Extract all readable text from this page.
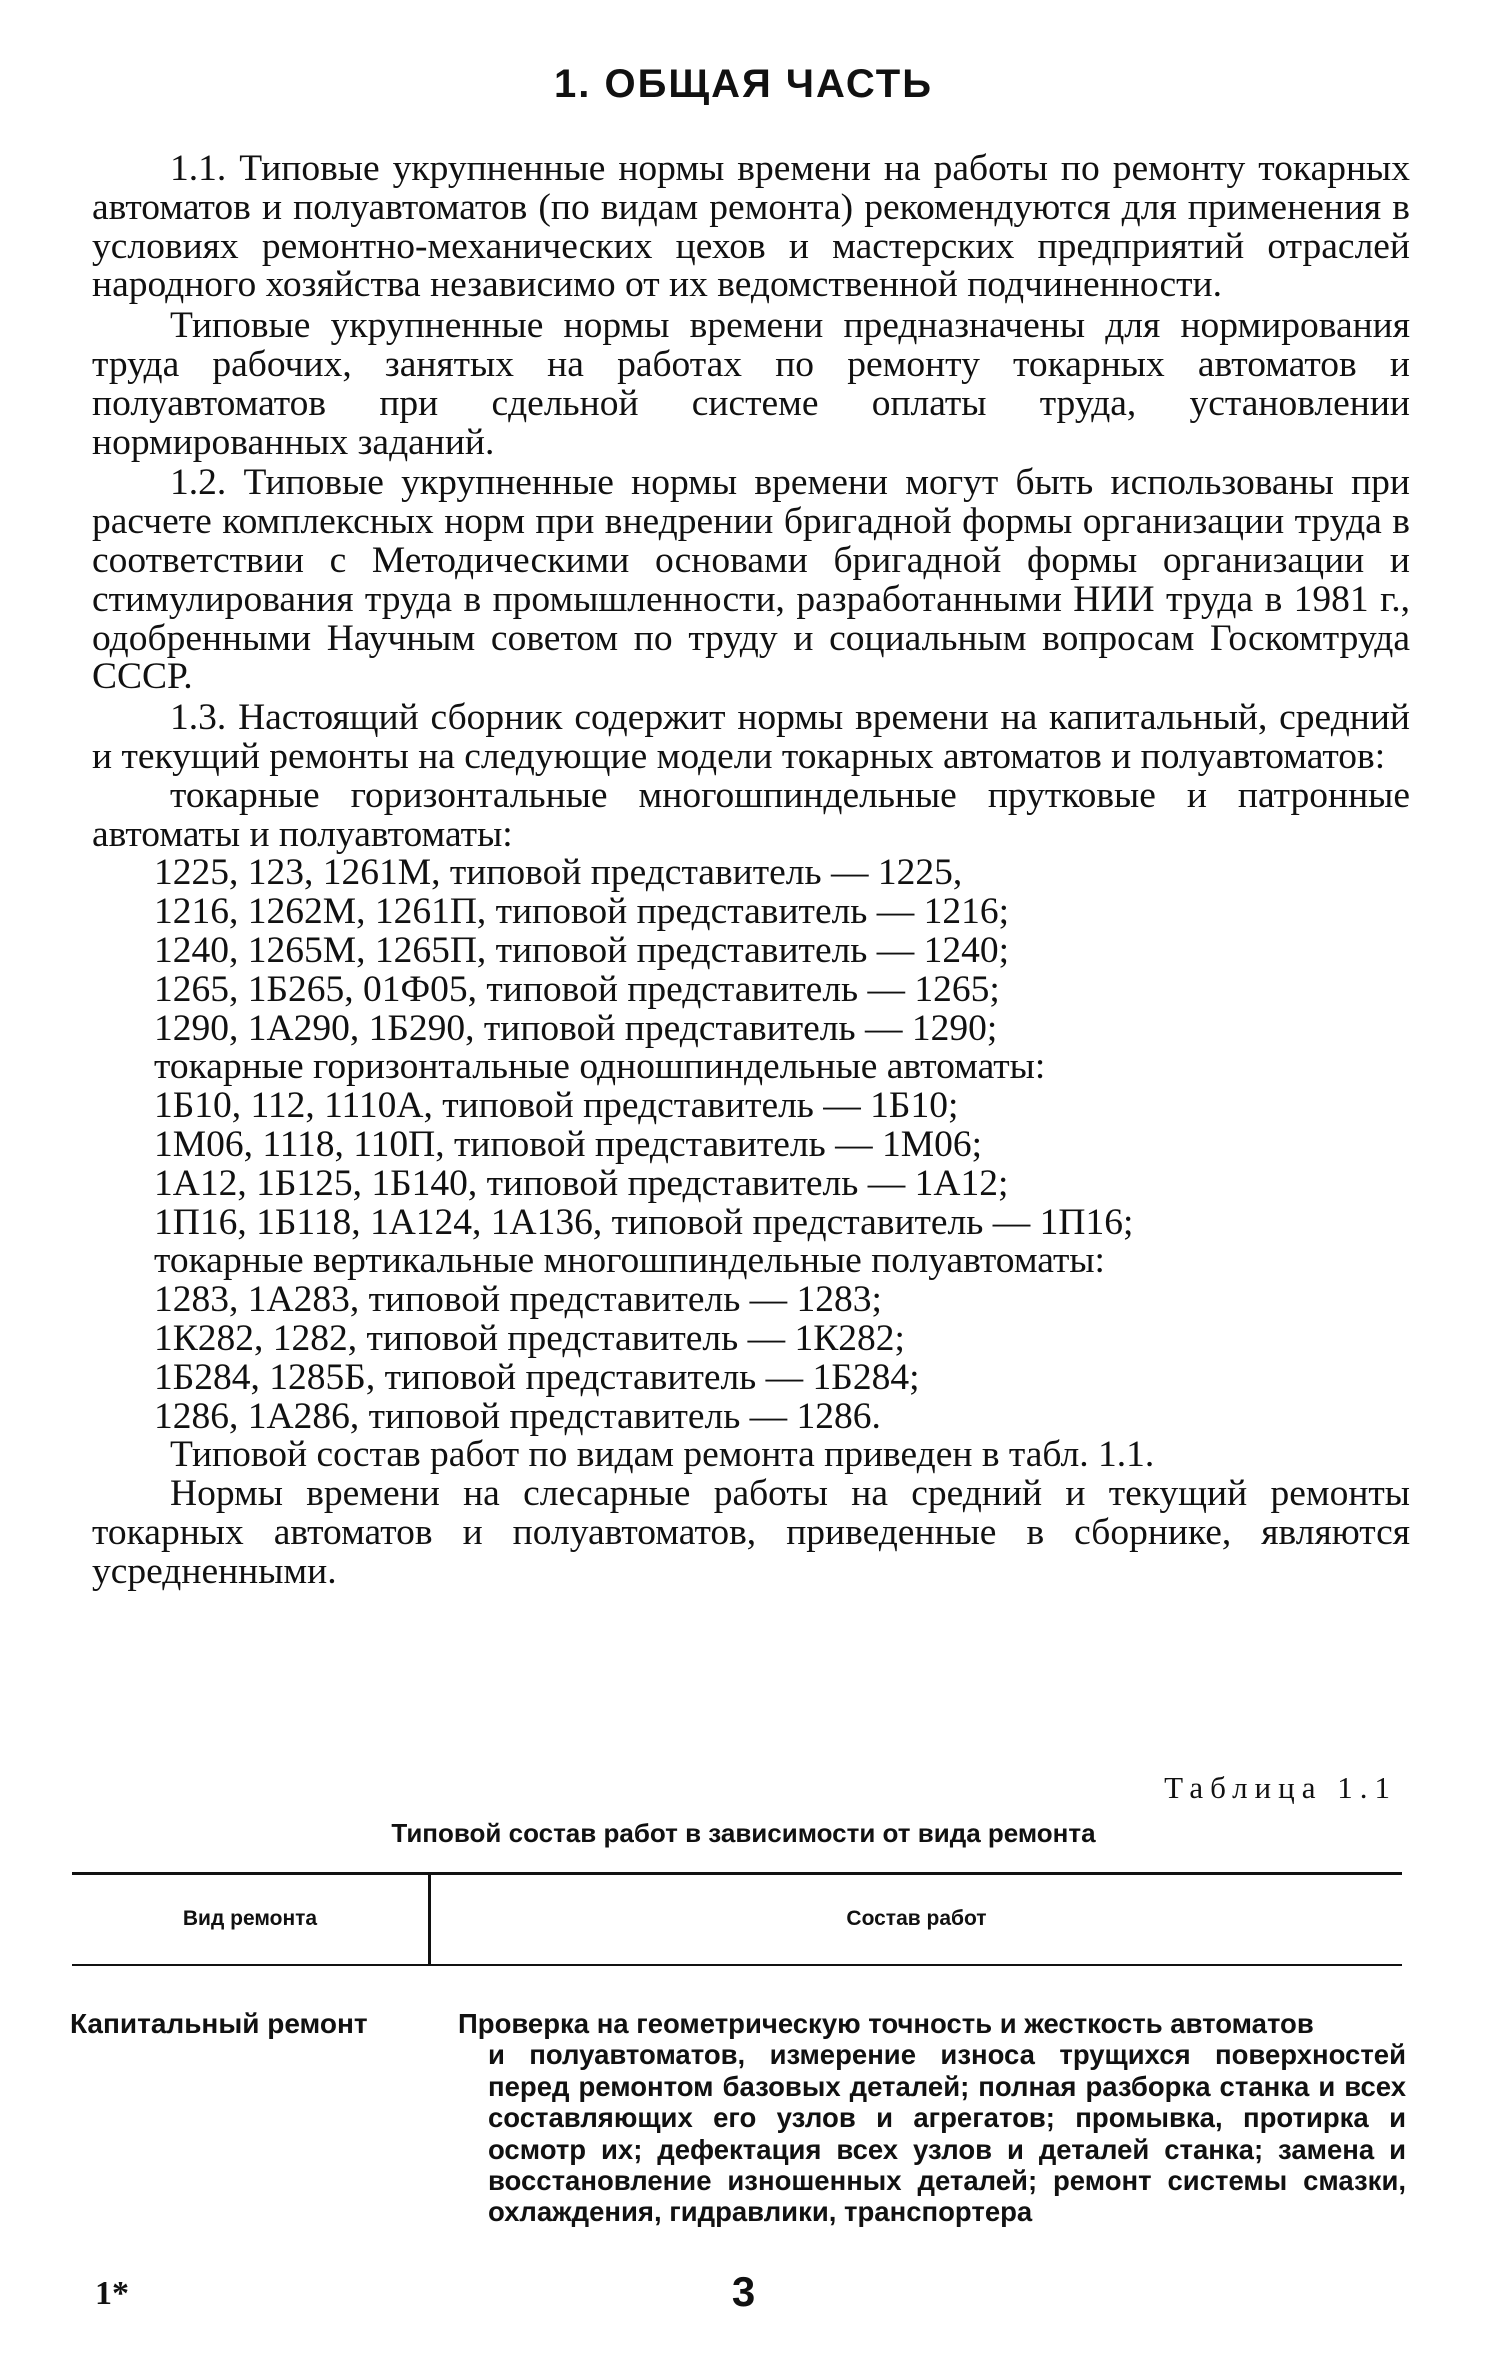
1. ОБЩАЯ ЧАСТЬ

1.1. Типовые укрупненные нормы времени на работы по ремонту токарных автоматов и полуавтоматов (по видам ремонта) рекомендуются для применения в условиях ремонтно-механических цехов и мастерских предприятий отраслей народного хозяйства независимо от их ведомственной подчиненности.

Типовые укрупненные нормы времени предназначены для нормирования труда рабочих, занятых на работах по ремонту токарных автоматов и полуавтоматов при сдельной системе оплаты труда, установлении нормированных заданий.

1.2. Типовые укрупненные нормы времени могут быть использованы при расчете комплексных норм при внедрении бригадной формы организации труда в соответствии с Методическими основами бригадной формы организации и стимулирования труда в промышленности, разработанными НИИ труда в 1981 г., одобренными Научным советом по труду и социальным вопросам Госкомтруда СССР.

1.3. Настоящий сборник содержит нормы времени на капитальный, средний и текущий ремонты на следующие модели токарных автоматов и полуавтоматов:

токарные горизонтальные многошпиндельные прутковые и патронные автоматы и полуавтоматы:

1225, 123, 1261М, типовой представитель — 1225,

1216, 1262М, 1261П, типовой представитель — 1216;

1240, 1265М, 1265П, типовой представитель — 1240;

1265, 1Б265, 01Ф05, типовой представитель — 1265;

1290, 1А290, 1Б290, типовой представитель — 1290;

токарные горизонтальные одношпиндельные автоматы:

1Б10, 112, 1110А, типовой представитель — 1Б10;

1М06, 1118, 110П, типовой представитель — 1М06;

1А12, 1Б125, 1Б140, типовой представитель — 1А12;

1П16, 1Б118, 1А124, 1А136, типовой представитель — 1П16;

токарные вертикальные многошпиндельные полуавтоматы:

1283, 1А283, типовой представитель — 1283;

1К282, 1282, типовой представитель — 1К282;

1Б284, 1285Б, типовой представитель — 1Б284;

1286, 1А286, типовой представитель — 1286.

Типовой состав работ по видам ремонта приведен в табл. 1.1.

Нормы времени на слесарные работы на средний и текущий ремонты токарных автоматов и полуавтоматов, приведенные в сборнике, являются усредненными.

Таблица 1.1
Типовой состав работ в зависимости от вида ремонта
Вид ремонта	Состав работ
Капитальный ремонт	Проверка на геометрическую точность и жесткость автоматов
и полуавтоматов, измерение износа трущихся поверхностей перед ремонтом базовых деталей; полная разборка станка и всех составляющих его узлов и агрегатов; промывка, протирка и осмотр их; дефектация всех узлов и деталей станка; замена и восстановление изношенных деталей; ремонт системы смазки, охлаждения, гидравлики, транспортера
1*	3
